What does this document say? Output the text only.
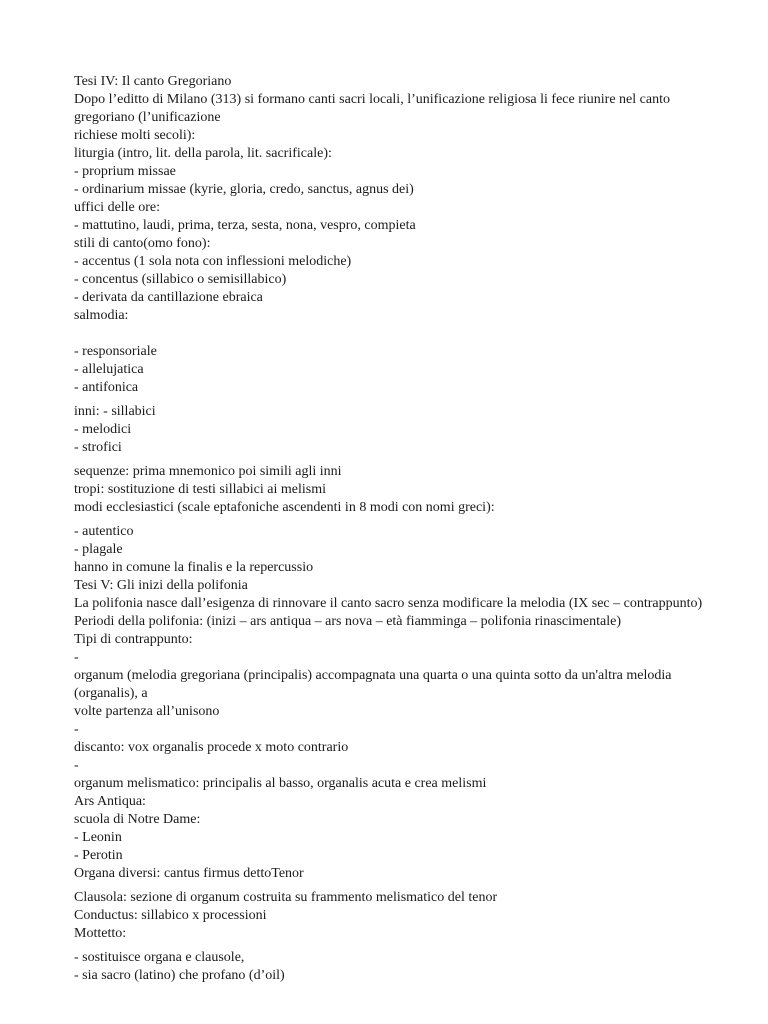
Tesi IV: Il canto Gregoriano
Dopo l’editto di Milano (313) si formano canti sacri locali, l’unificazione religiosa li fece riunire nel canto gregoriano (l’unificazione
richiese molti secoli):
liturgia (intro, lit. della parola, lit. sacrificale):
- proprium missae
- ordinarium missae (kyrie, gloria, credo, sanctus, agnus dei)
uffici delle ore:
- mattutino, laudi, prima, terza, sesta, nona, vespro, compieta
stili di canto(omo fono):
- accentus (1 sola nota con inflessioni melodiche)
- concentus (sillabico o semisillabico)
- derivata da cantillazione ebraica
salmodia:
- responsoriale
- allelujatica
- antifonica
inni: - sillabici
- melodici
- strofici
sequenze: prima mnemonico poi simili agli inni
tropi: sostituzione di testi sillabici ai melismi
modi ecclesiastici (scale eptafoniche ascendenti in 8 modi con nomi greci):
- autentico
- plagale
hanno in comune la finalis e la repercussio
Tesi V: Gli inizi della polifonia
La polifonia nasce dall’esigenza di rinnovare il canto sacro senza modificare la melodia (IX sec – contrappunto)
Periodi della polifonia: (inizi – ars antiqua – ars nova – età fiamminga – polifonia rinascimentale)
Tipi di contrappunto:
-
organum (melodia gregoriana (principalis) accompagnata una quarta o una quinta sotto da un'altra melodia (organalis), a
volte partenza all’unisono
-
discanto: vox organalis procede x moto contrario
-
organum melismatico: principalis al basso, organalis acuta e crea melismi
Ars Antiqua:
scuola di Notre Dame:
- Leonin
- Perotin
Organa diversi: cantus firmus dettoTenor
Clausola: sezione di organum costruita su frammento melismatico del tenor
Conductus: sillabico x processioni
Mottetto:
- sostituisce organa e clausole,
- sia sacro (latino) che profano (d’oil)
